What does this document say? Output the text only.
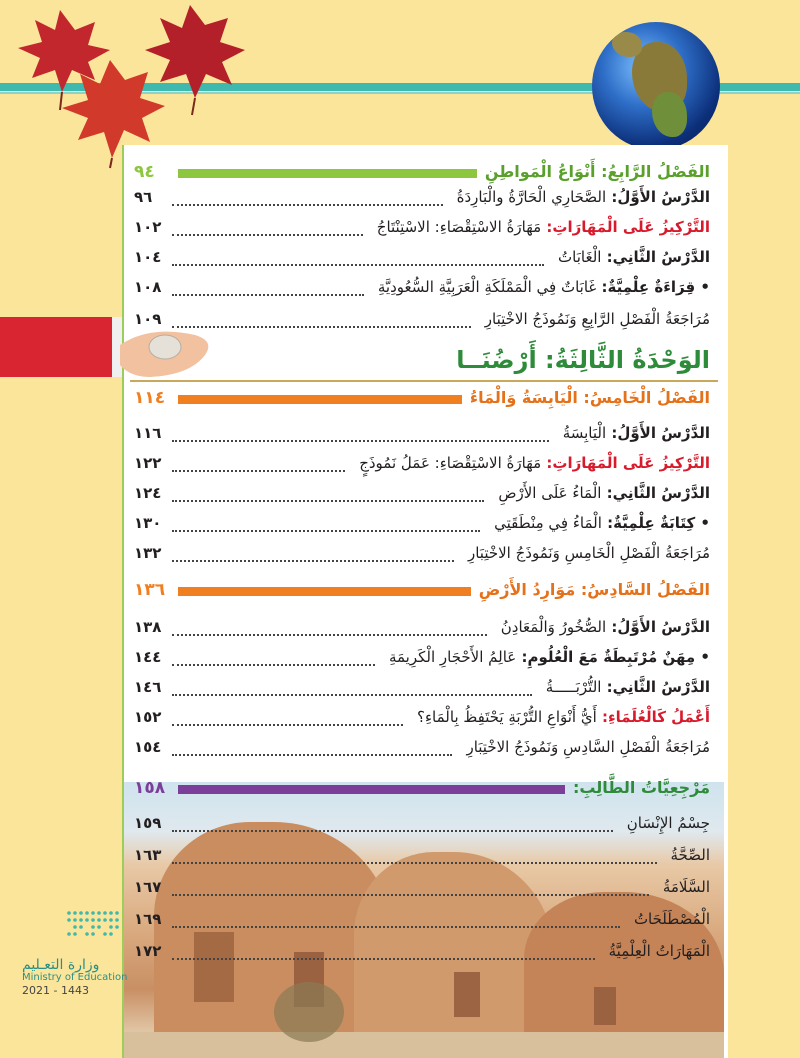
الفَصْلُ الرَّابِعُ: أَنْوَاعُ الْمَواطِنِ
٩٤
الدَّرْسُ الأَوَّلُ: الصَّحَارِي الْحَارَّةُ والْبَارِدَةُ
٩٦
التَّرْكِيزُ عَلَى الْمَهَارَاتِ: مَهَارَةُ الاسْتِقْصَاءِ: الاسْتِنْتَاجُ
١٠٢
الدَّرْسُ الثَّانِي: الْغَابَاتُ
١٠٤
• قِرَاءَةٌ عِلْمِيَّةٌ: غَابَاتٌ فِي الْمَمْلَكَةِ الْعَرَبِيَّةِ السُّعُودِيَّةِ
١٠٨
مُرَاجَعَةُ الْفَصْلِ الرَّابِعِ وَنَمُوذَجُ الاخْتِبَارِ
١٠٩
الوَحْدَةُ الثَّالِثَةُ: أَرْضُنَــا
الفَصْلُ الْخَامِسُ: الْيَابِسَةُ وَالْمَاءُ
١١٤
الدَّرْسُ الأَوَّلُ: الْيَابِسَةُ
١١٦
التَّرْكِيزُ عَلَى الْمَهَارَاتِ: مَهَارَةُ الاسْتِقْصَاءِ: عَمَلُ نَمُوذَجٍ
١٢٢
الدَّرْسُ الثَّانِي: الْمَاءُ عَلَى الأَرْضِ
١٢٤
• كِتَابَةٌ عِلْمِيَّةٌ: الْمَاءُ فِي مِنْطَقَتِي
١٣٠
مُرَاجَعَةُ الْفَصْلِ الْخَامِسِ وَنَمُوذَجُ الاخْتِبَارِ
١٣٢
الفَصْلُ السَّادِسُ: مَوَارِدُ الأَرْضِ
١٣٦
الدَّرْسُ الأَوَّلُ: الصُّخُورُ وَالْمَعَادِنُ
١٣٨
• مِهَنٌ مُرْتَبِطَةٌ مَعَ الْعُلُومِ: عَالِمُ الأَحْجَارِ الْكَرِيمَةِ
١٤٤
الدَّرْسُ الثَّانِي: التُّرْبَـــــةُ
١٤٦
أَعْمَلُ كَالْعُلَمَاءِ: أَيُّ أَنْوَاعِ التُّرْبَةِ يَحْتَفِظُ بِالْمَاءِ؟
١٥٢
مُرَاجَعَةُ الْفَصْلِ السَّادِسِ وَنَمُوذَجُ الاخْتِبَارِ
١٥٤
مَرْجِعِيَّاتُ الطَّالِبِ:
١٥٨
جِسْمُ الإِنْسَانِ
١٥٩
الصِّحَّةُ
١٦٣
السَّلَامَةُ
١٦٧
الْمُصْطَلَحَاتُ
١٦٩
الْمَهَارَاتُ الْعِلْمِيَّةُ
١٧٢
وزارة التعـليم
Ministry of Education
2021 - 1443
